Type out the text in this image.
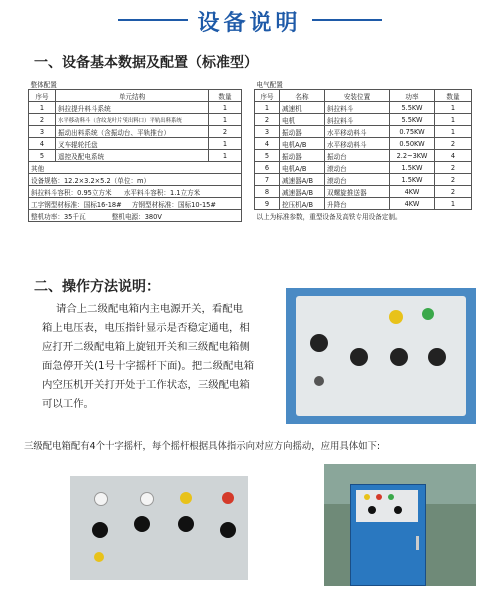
设备说明
一、设备基本数据及配置（标准型）
整体配置		
序号	单元结构	数量
1	斜拉提升料斗系统	1
2	水平移动料斗（含纹龙叶片및出料口）平轨出料系统	1
3	振动出料系统（含振动台、平轨推台）	2
4	叉车辊轮托盘	1
5	遥控及配电系统	1
其他		
设备规格：12.2×3.2×5.2（单位：m）		
斜拉料斗容积：0.95立方米 水平料斗容积：1.1立方米		
工字钢型材标准：国标16-18# 方钢型材标准：国标10-15#		
整机功率：35千瓦 整机电源：380V		
电气配置				
序号	名称	安装位置	功率	数量
1	减速机	斜拉料斗	5.5KW	1
2	电机	斜拉料斗	5.5KW	1
3	振动器	水平移动料斗	0.75KW	1
4	电机A/B	水平移动料斗	0.50KW	2
5	振动器	振动台	2.2~3KW	4
6	电机A/B	滚动台	1.5KW	2
7	减速器A/B	滚动台	1.5KW	2
8	减速器A/B	双螺旋推送器	4KW	2
9	挖压机A/B	升降台	4KW	1
以上为标准参数，重型设备及高铁专用设备定制。				
二、操作方法说明：
请合上二级配电箱内主电源开关，看配电
箱上电压表，电压指针显示是否稳定通电，相
应打开二级配电箱上旋钮开关和三级配电箱侧
面急停开关(1号十字摇杆下面)。把二级配电箱
内空压机开关打开处于工作状态，三级配电箱
可以工作。
三级配电箱配有4个十字摇杆，每个摇杆根据具体指示向对应方向摇动，应用具体如下:
